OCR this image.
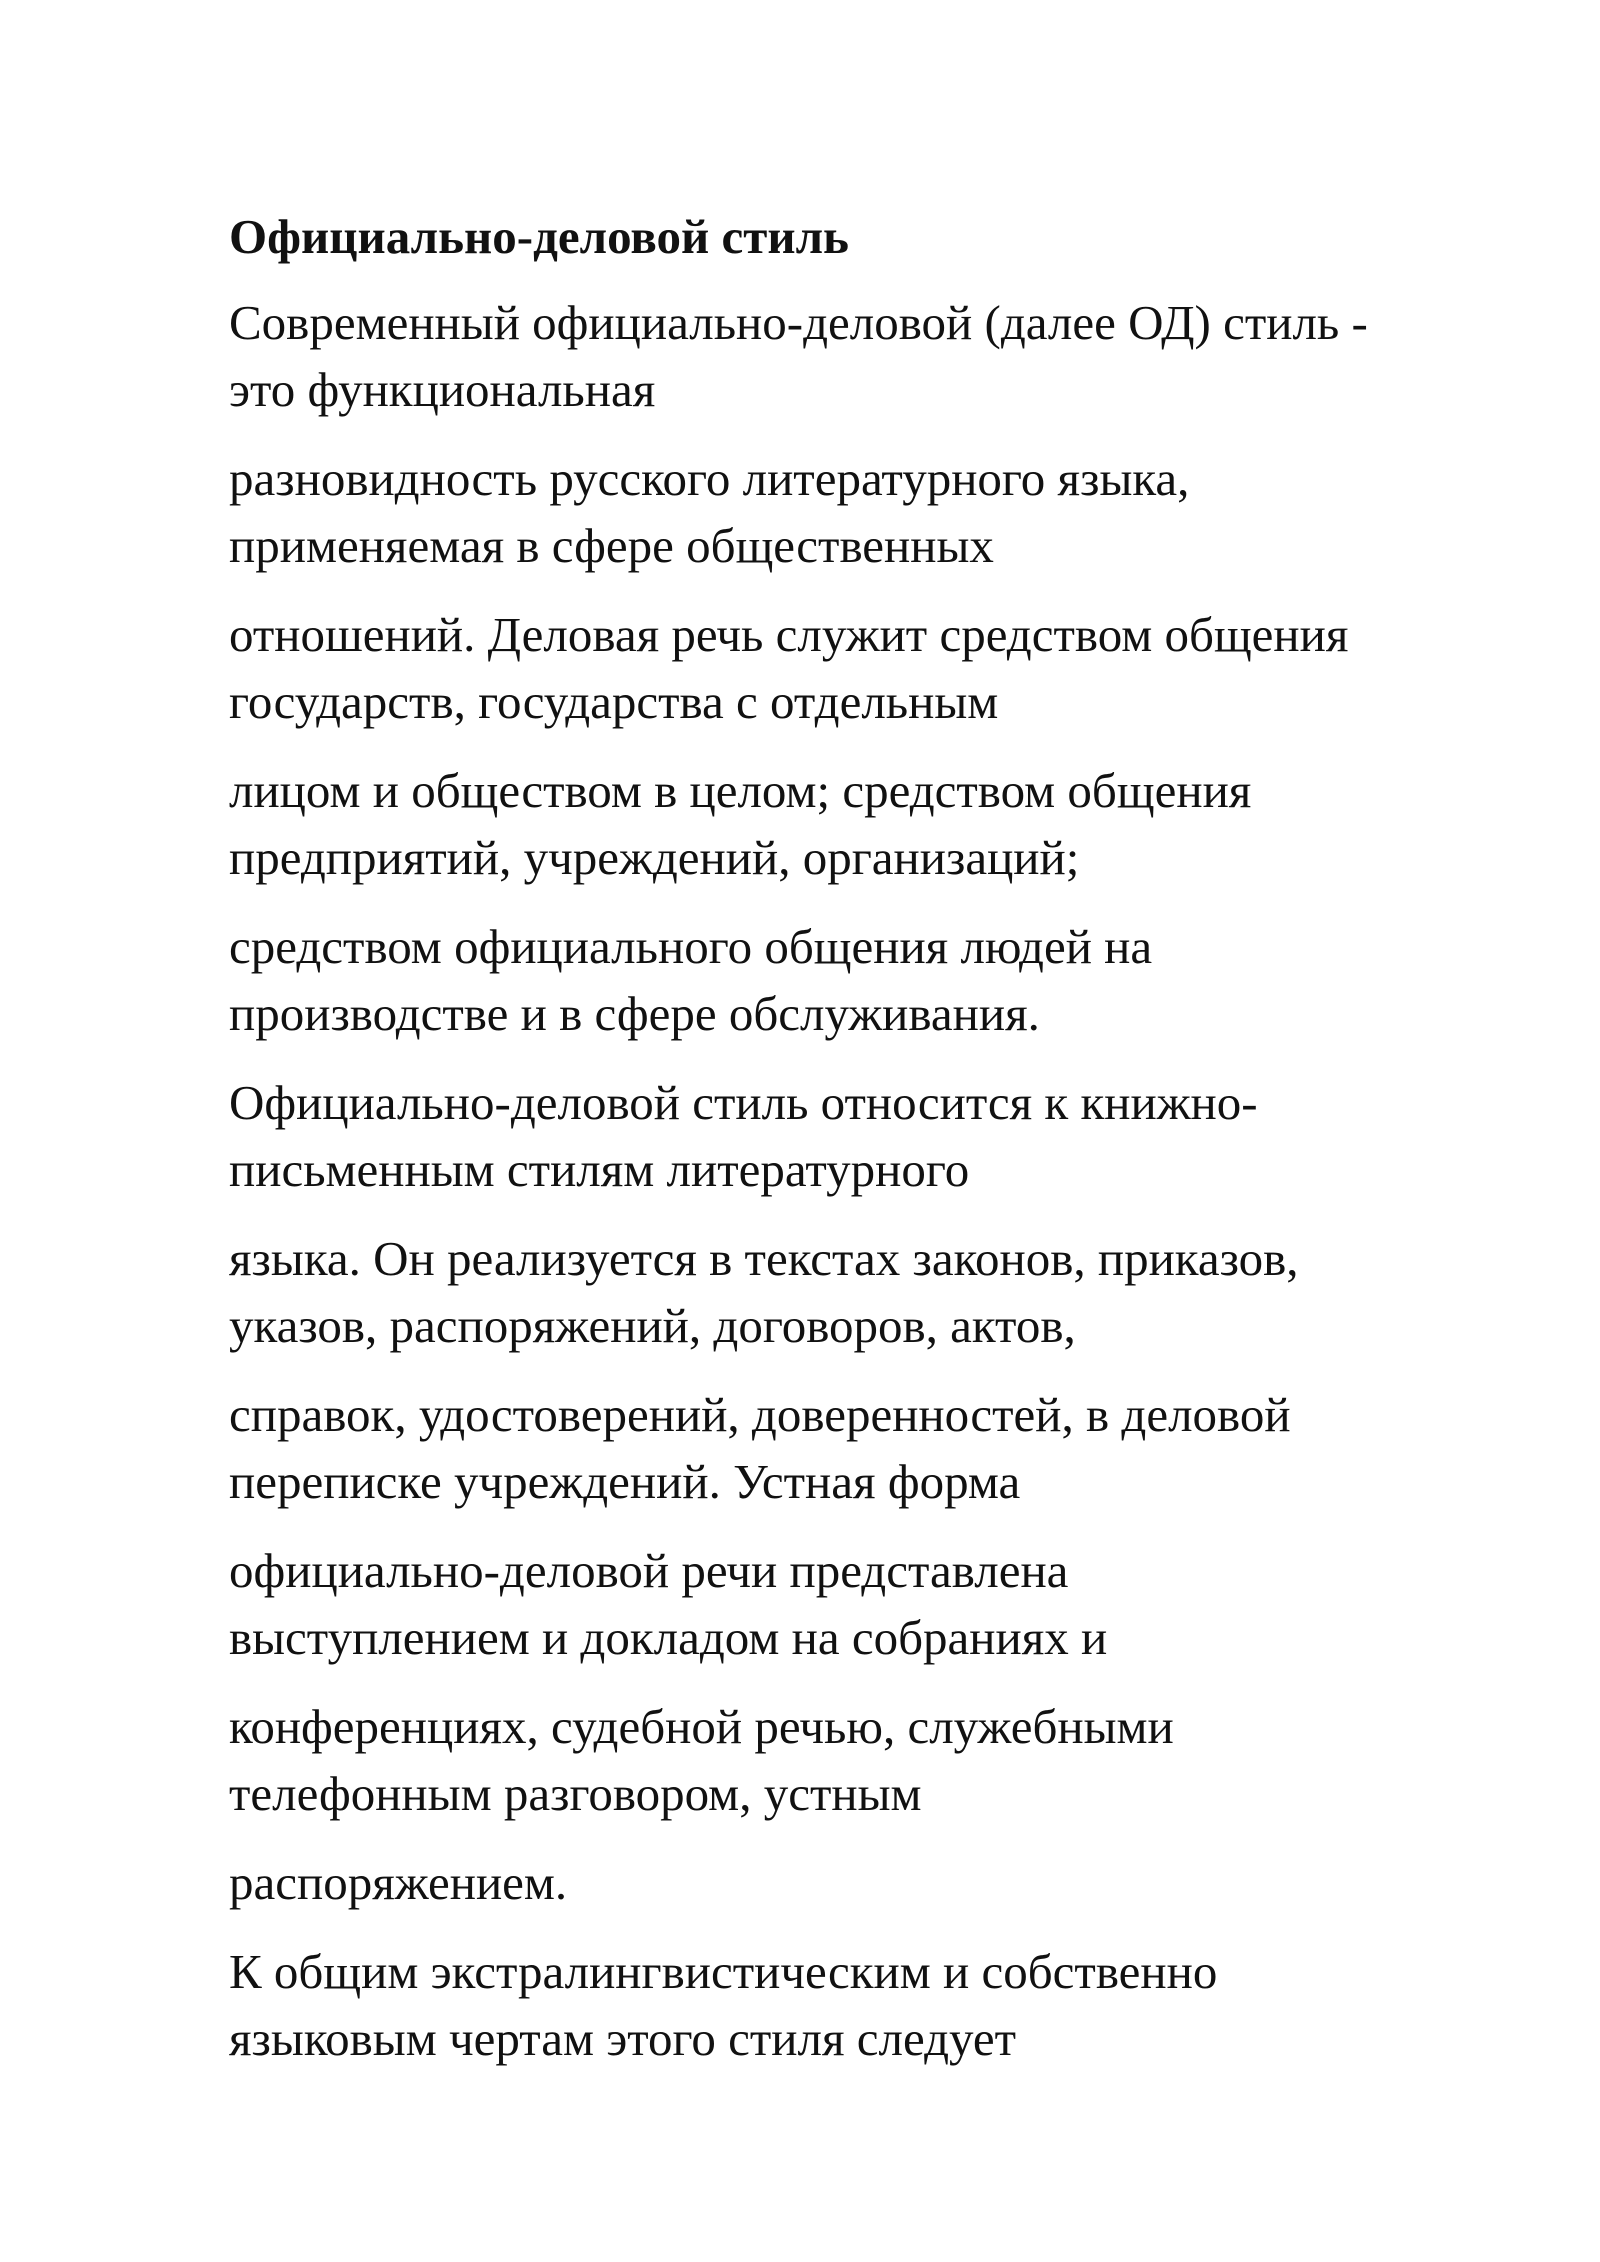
Официально-деловой стиль

Современный официально-деловой (далее ОД) стиль -
это функциональная

разновидность русского литературного языка,
применяемая в сфере общественных

отношений. Деловая речь служит средством общения
государств, государства с отдельным

лицом и обществом в целом; средством общения
предприятий, учреждений, организаций;

средством официального общения людей на
производстве и в сфере обслуживания.

Официально-деловой стиль относится к книжно-
письменным стилям литературного

языка. Он реализуется в текстах законов, приказов,
указов, распоряжений, договоров, актов,

справок, удостоверений, доверенностей, в деловой
переписке учреждений. Устная форма

официально-деловой речи представлена
выступлением и докладом на собраниях и

конференциях, судебной речью, служебными
телефонным разговором, устным

распоряжением.

К общим экстралингвистическим и собственно
языковым чертам этого стиля следует
